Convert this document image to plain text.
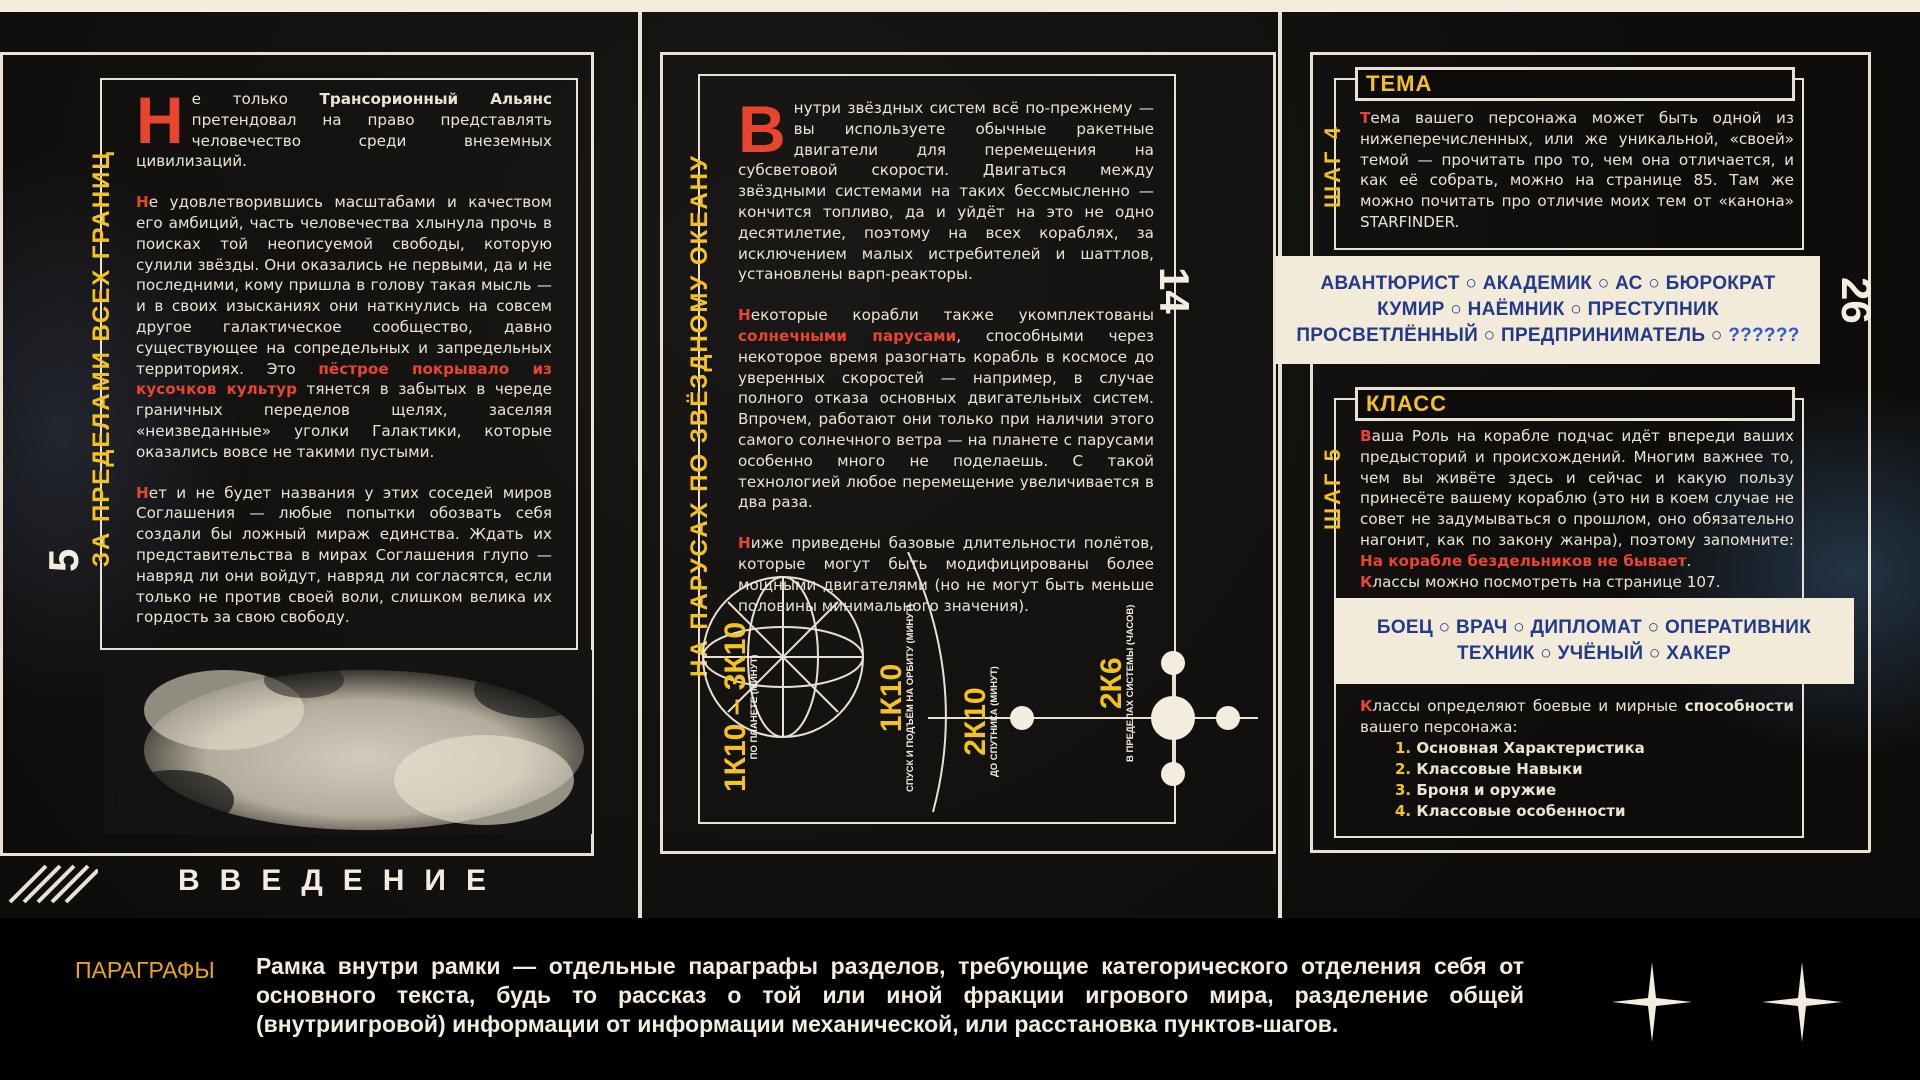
ЗА ПРЕДЕЛАМИ ВСЕХ ГРАНИЦ
5

Не только Трансорионный Альянс претендовал на право представлять человечество среди внеземных цивилизаций.

Не удовлетворившись масштабами и качеством его амбиций, часть человечества хлынула прочь в поисках той неописуемой свободы, которую сулили звёзды. Они оказались не первыми, да и не последними, кому пришла в голову такая мысль — и в своих изысканиях они наткнулись на совсем другое галактическое сообщество, давно существующее на сопредельных и запредельных территориях. Это пёстрое покрывало из кусочков культур тянется в забытых в череде граничных переделов щелях, заселяя «неизведанные» уголки Галактики, которые оказались вовсе не такими пустыми.

Нет и не будет названия у этих соседей миров Соглашения — любые попытки обозвать себя создали бы ложный мираж единства. Ждать их представительства в мирах Соглашения глупо — навряд ли они войдут, навряд ли согласятся, если только не против своей воли, слишком велика их гордость за свою свободу.

ВВЕДЕНИЕ
НА ПАРУСАХ ПО ЗВЁЗДНОМУ ОКЕАНУ	14

Внутри звёздных систем всё по-прежнему — вы используете обычные ракетные двигатели для перемещения на субсветовой скорости. Двигаться между звёздными системами на таких бессмысленно — кончится топливо, да и уйдёт на это не одно десятилетие, поэтому на всех кораблях, за исключением малых истребителей и шаттлов, установлены варп-реакторы.

Некоторые корабли также укомплектованы солнечными парусами, способными через некоторое время разогнать корабль в космосе до уверенных скоростей — например, в случае полного отказа основных двигательных систем. Впрочем, работают они только при наличии этого самого солнечного ветра — на планете с парусами особенно много не поделаешь. С такой технологией любое перемещение увеличивается в два раза.

Ниже приведены базовые длительности полётов, которые могут быть модифицированы более мощными двигателями (но не могут быть меньше половины минимального значения).

1К10 – 3К10
ПО ПЛАНЕТЕ (МИНУТ)	1К10
СПУСК И ПОДЪЁМ НА ОРБИТУ (МИНУТ) 2К10
ДО СПУТНИКА (МИНУТ)	2К6
В ПРЕДЕЛАХ СИСТЕМЫ (ЧАСОВ)
26
ТЕМА
ШАГ 4

Тема вашего персонажа может быть одной из нижеперечисленных, или же уникальной, «своей» темой — прочитать про то, чем она отличается, и как её собрать, можно на странице 85. Там же можно почитать про отличие моих тем от «канона» STARFINDER.

АВАНТЮРИСТ ○ АКАДЕМИК ○ АС ○ БЮРОКРАТ
КУМИР ○ НАЁМНИК ○ ПРЕСТУПНИК
ПРОСВЕТЛЁННЫЙ ○ ПРЕДПРИНИМАТЕЛЬ ○ ??????
КЛАСС
ШАГ 5

Ваша Роль на корабле подчас идёт впереди ваших предысторий и происхождений. Многим важнее то, чем вы живёте здесь и сейчас и какую пользу принесёте вашему кораблю (это ни в коем случае не совет не задумываться о прошлом, оно обязательно нагонит, как по закону жанра), поэтому запомните: На корабле бездельников не бывает.

Классы можно посмотреть на странице 107.

БОЕЦ ○ ВРАЧ ○ ДИПЛОМАТ ○ ОПЕРАТИВНИК
ТЕХНИК ○ УЧЁНЫЙ ○ ХАКЕР

Классы определяют боевые и мирные способности вашего персонажа:

1. Основная Характеристика
2. Классовые Навыки
3. Броня и оружие
4. Классовые особенности
ПАРАГРАФЫ Рамка внутри рамки — отдельные параграфы разделов, требующие категорического отделения себя от основного текста, будь то рассказ о той или иной фракции игрового мира, разделение общей (внутриигровой) информации от информации механической, или расстановка пунктов-шагов.
